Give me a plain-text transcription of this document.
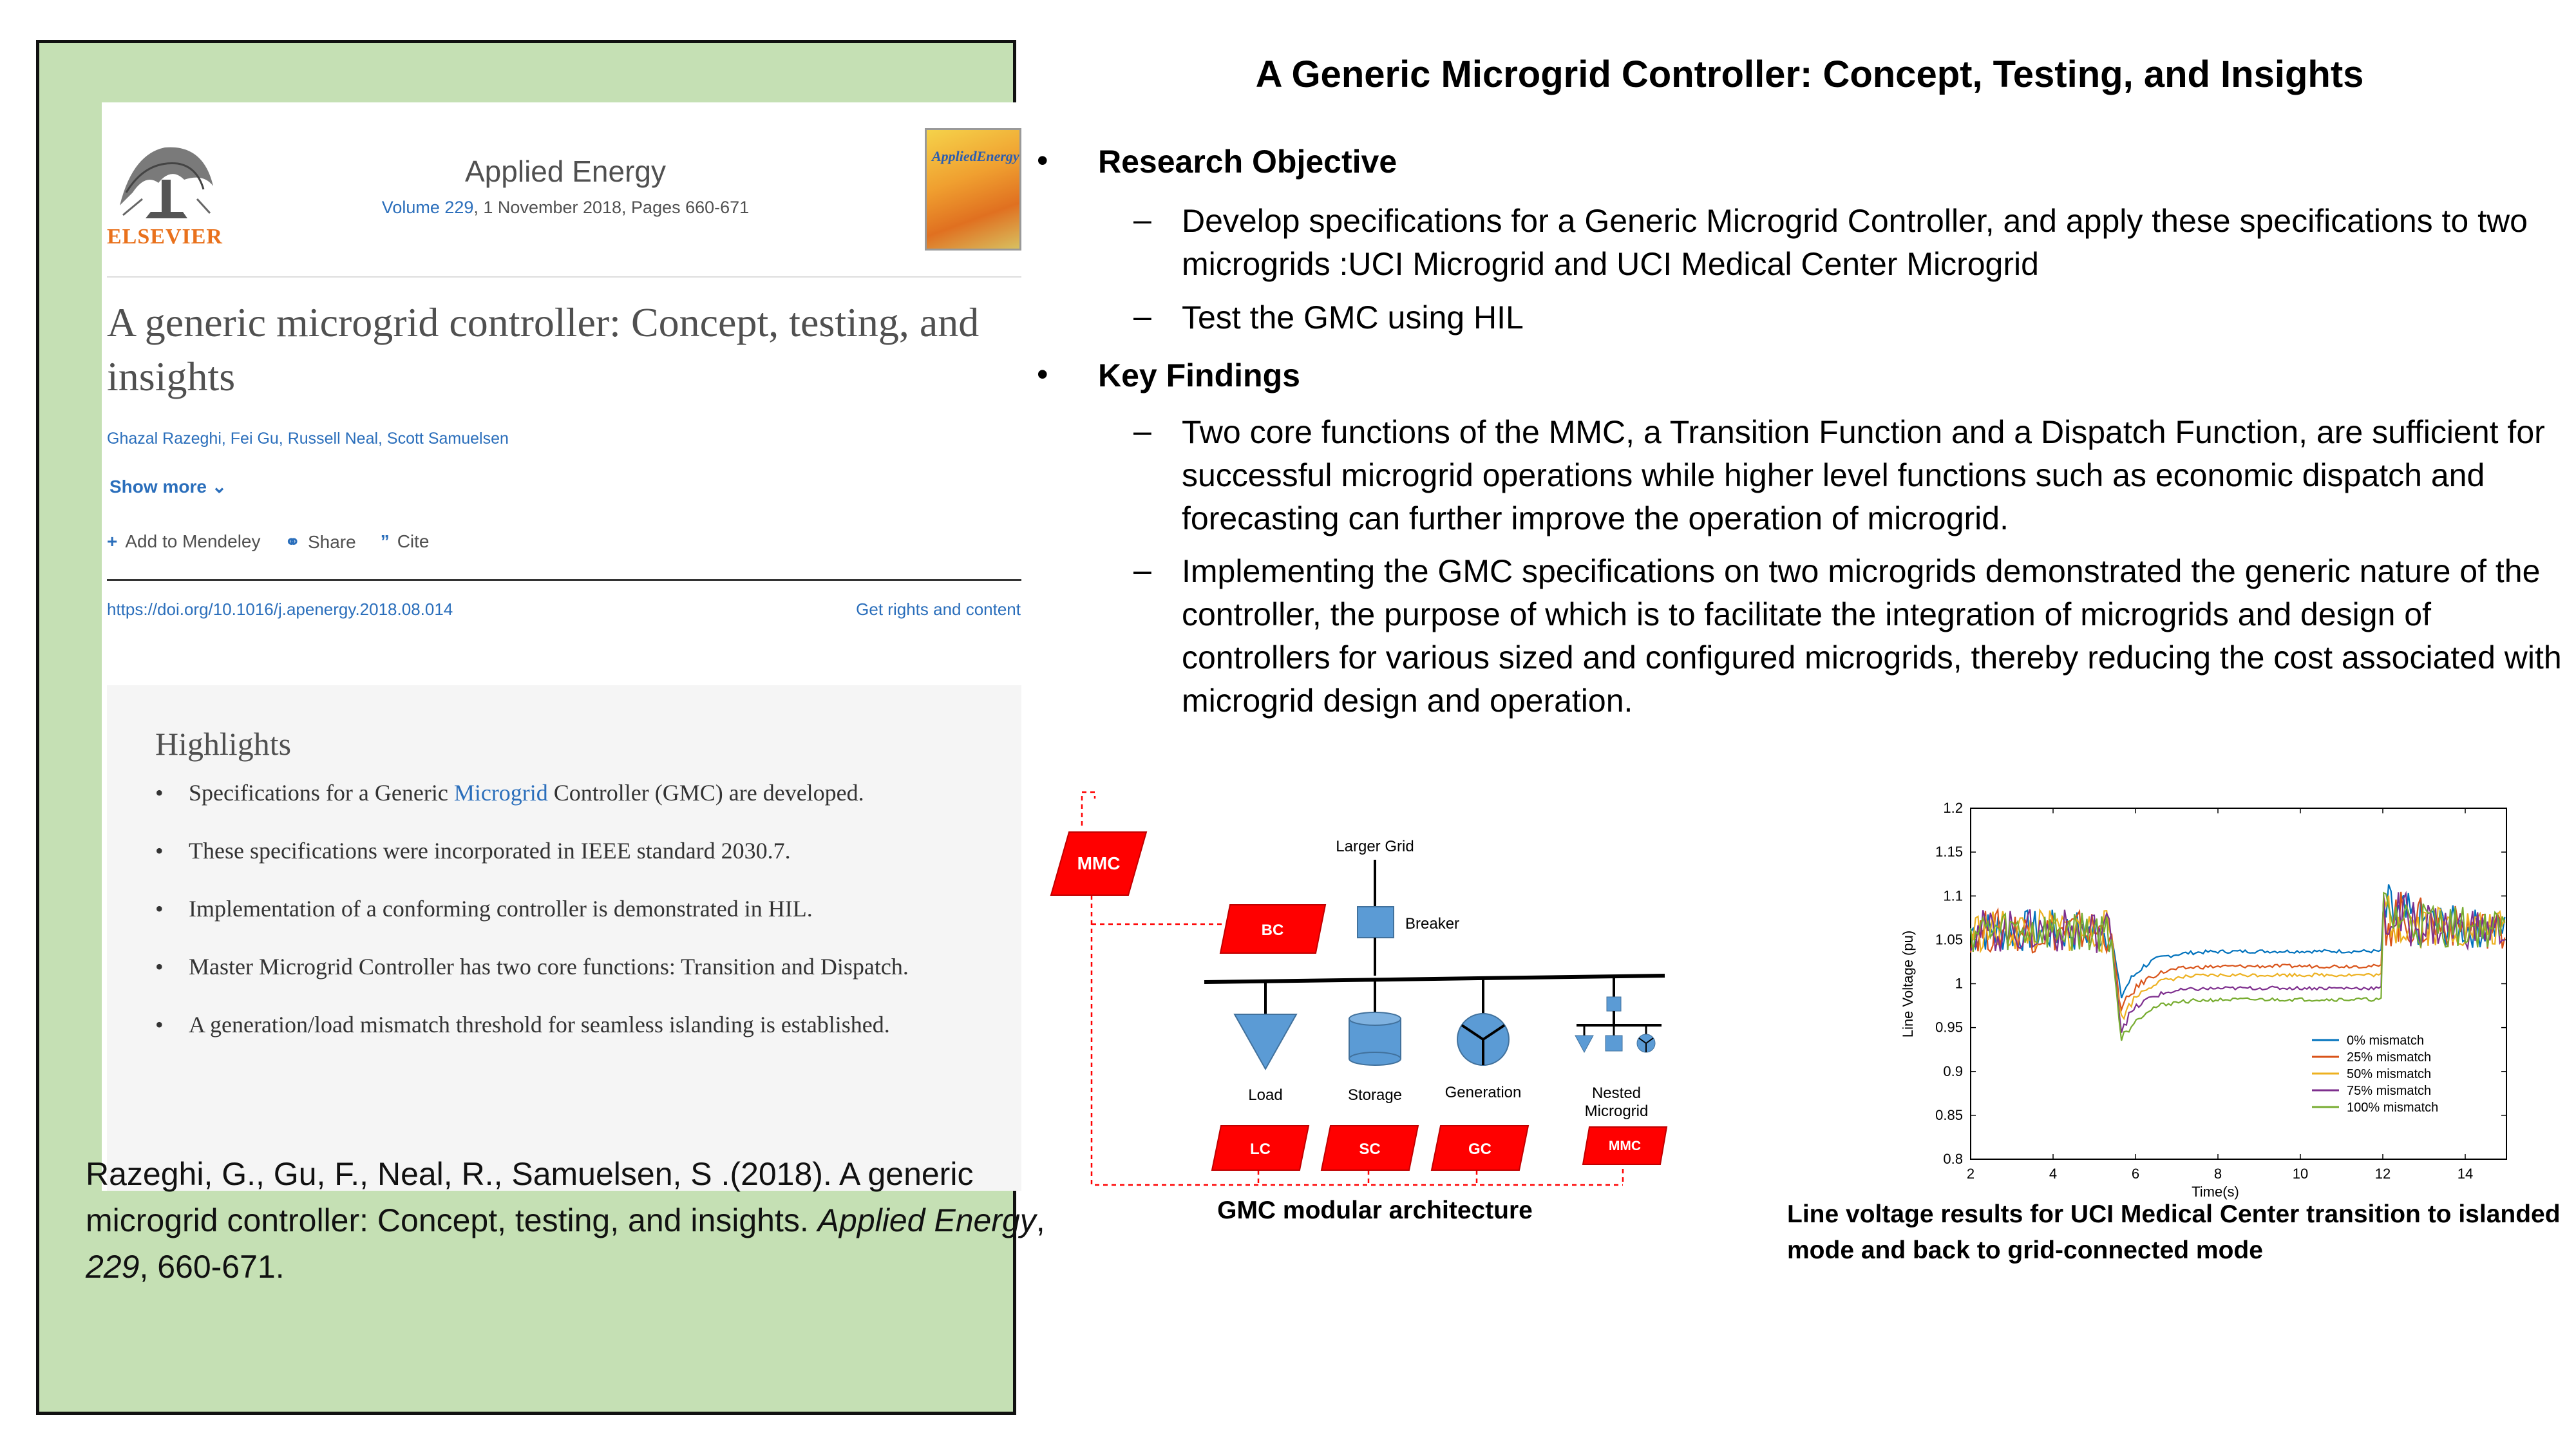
ELSEVIER
Applied Energy
Volume 229, 1 November 2018, Pages 660-671
AppliedEnergy
A generic microgrid controller: Concept, testing, and insights
Ghazal Razeghi, Fei Gu, Russell Neal, Scott Samuelsen
Show more ⌄
+ Add to Mendeley ⚭ Share ” Cite
https://doi.org/10.1016/j.apenergy.2018.08.014	Get rights and content
Highlights
• Specifications for a Generic Microgrid Controller (GMC) are developed.
• These specifications were incorporated in IEEE standard 2030.7.
• Implementation of a conforming controller is demonstrated in HIL.
• Master Microgrid Controller has two core functions: Transition and Dispatch.
• A generation/load mismatch threshold for seamless islanding is established.
Razeghi, G., Gu, F., Neal, R., Samuelsen, S .(2018). A generic microgrid controller: Concept, testing, and insights. Applied Energy, 229, 660-671.
A Generic Microgrid Controller: Concept, Testing, and Insights
• Research Objective
– Develop specifications for a Generic Microgrid Controller, and apply these specifications to two microgrids :UCI Microgrid and UCI Medical Center Microgrid
– Test the GMC using HIL
• Key Findings
– Two core functions of the MMC, a Transition Function and a Dispatch Function, are sufficient for successful microgrid operations while higher level functions such as economic dispatch and forecasting can further improve the operation of microgrid.
– Implementing the GMC specifications on two microgrids demonstrated the generic nature of the controller, the purpose of which is to facilitate the integration of microgrids and design of controllers for various sized and configured microgrids, thereby reducing the cost associated with microgrid design and operation.
MMC
BC
LC	SC	GC	MMC
Larger Grid
Breaker
Load	Storage	Generation	Nested
Microgrid
GMC modular architecture
2	4	6	8	10	12	14
0.8
0.85
0.9
0.95
1
1.05
1.1
1.15
1.2
0% mismatch
25% mismatch
50% mismatch
75% mismatch
100% mismatch
Time(s)
Line Voltage (pu)
Line voltage results for UCI Medical Center transition to islanded mode and back to grid-connected mode
